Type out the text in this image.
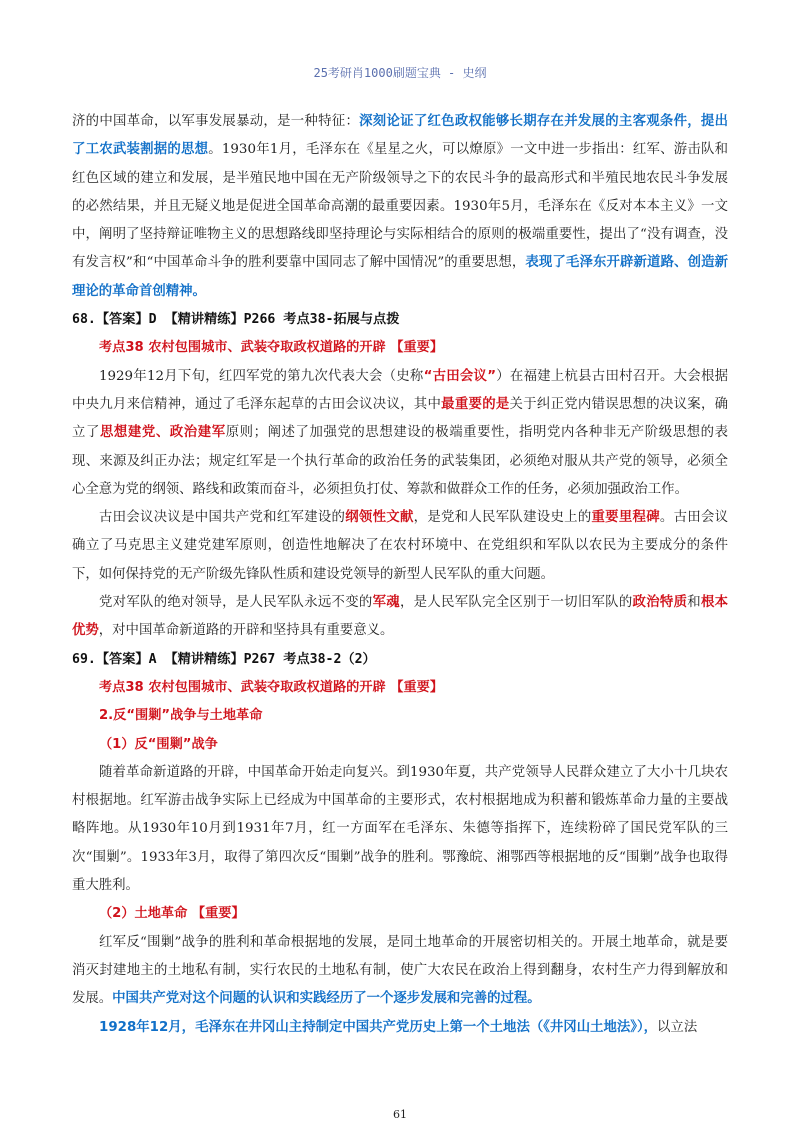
25考研肖1000刷题宝典 - 史纲

济的中国革命，以军事发展暴动，是一种特征：深刻论证了红色政权能够长期存在并发展的主客观条件，提出了工农武装割据的思想。1930年1月，毛泽东在《星星之火，可以燎原》一文中进一步指出：红军、游击队和红色区域的建立和发展，是半殖民地中国在无产阶级领导之下的农民斗争的最高形式和半殖民地农民斗争发展的必然结果，并且无疑义地是促进全国革命高潮的最重要因素。1930年5月，毛泽东在《反对本本主义》一文中，阐明了坚持辩证唯物主义的思想路线即坚持理论与实际相结合的原则的极端重要性，提出了“没有调查，没有发言权”和“中国革命斗争的胜利要靠中国同志了解中国情况”的重要思想，表现了毛泽东开辟新道路、创造新理论的革命首创精神。

68.【答案】D 【精讲精练】P266 考点38-拓展与点拨

考点38 农村包围城市、武装夺取政权道路的开辟 【重要】

1929年12月下旬，红四军党的第九次代表大会（史称“古田会议”）在福建上杭县古田村召开。大会根据中央九月来信精神，通过了毛泽东起草的古田会议决议，其中最重要的是关于纠正党内错误思想的决议案，确立了思想建党、政治建军原则；阐述了加强党的思想建设的极端重要性，指明党内各种非无产阶级思想的表现、来源及纠正办法；规定红军是一个执行革命的政治任务的武装集团，必须绝对服从共产党的领导，必须全心全意为党的纲领、路线和政策而奋斗，必须担负打仗、筹款和做群众工作的任务，必须加强政治工作。

古田会议决议是中国共产党和红军建设的纲领性文献，是党和人民军队建设史上的重要里程碑。古田会议确立了马克思主义建党建军原则，创造性地解决了在农村环境中、在党组织和军队以农民为主要成分的条件下，如何保持党的无产阶级先锋队性质和建设党领导的新型人民军队的重大问题。

党对军队的绝对领导，是人民军队永远不变的军魂，是人民军队完全区别于一切旧军队的政治特质和根本优势，对中国革命新道路的开辟和坚持具有重要意义。

69.【答案】A 【精讲精练】P267 考点38-2（2）

考点38 农村包围城市、武装夺取政权道路的开辟 【重要】

2.反“围剿”战争与土地革命

（1）反“围剿”战争

随着革命新道路的开辟，中国革命开始走向复兴。到1930年夏，共产党领导人民群众建立了大小十几块农村根据地。红军游击战争实际上已经成为中国革命的主要形式，农村根据地成为积蓄和锻炼革命力量的主要战略阵地。从1930年10月到1931年7月，红一方面军在毛泽东、朱德等指挥下，连续粉碎了国民党军队的三次“围剿”。1933年3月，取得了第四次反“围剿”战争的胜利。鄂豫皖、湘鄂西等根据地的反“围剿”战争也取得重大胜利。

（2）土地革命 【重要】

红军反“围剿”战争的胜利和革命根据地的发展，是同土地革命的开展密切相关的。开展土地革命，就是要消灭封建地主的土地私有制，实行农民的土地私有制，使广大农民在政治上得到翻身，农村生产力得到解放和发展。中国共产党对这个问题的认识和实践经历了一个逐步发展和完善的过程。

1928年12月，毛泽东在井冈山主持制定中国共产党历史上第一个土地法（《井冈山土地法》），以立法

61
